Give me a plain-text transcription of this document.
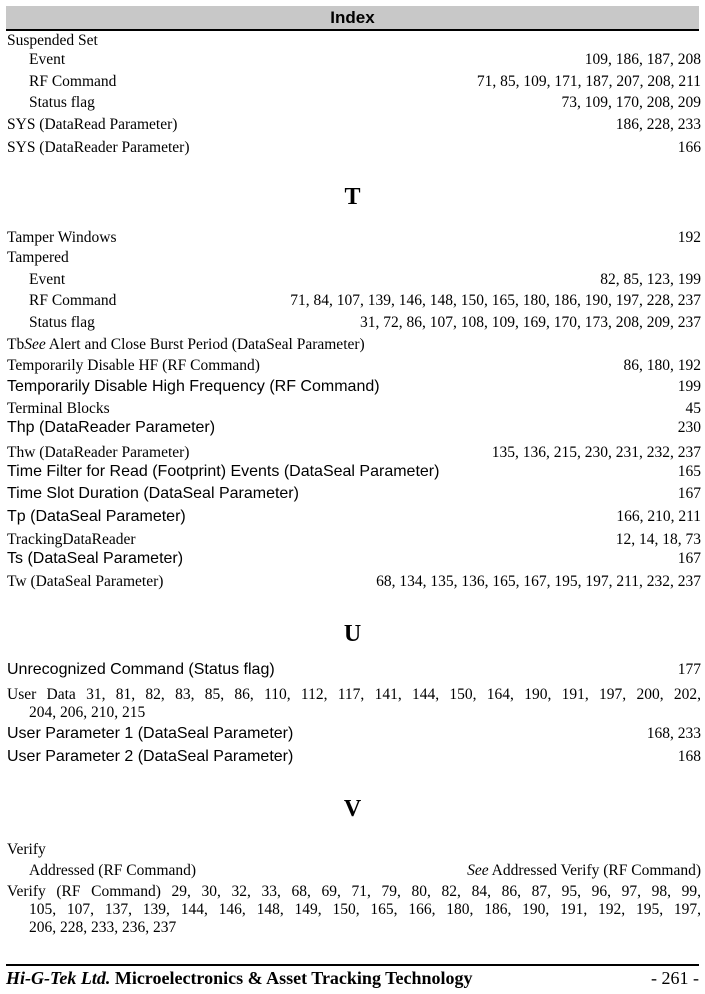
Index
Suspended Set
Event	109, 186, 187, 208
RF Command	71, 85, 109, 171, 187, 207, 208, 211
Status flag	73, 109, 170, 208, 209
SYS (DataRead Parameter)	186, 228, 233
SYS (DataReader Parameter)	166
T
Tamper Windows	192
Tampered
Event	82, 85, 123, 199
RF Command	71, 84, 107, 139, 146, 148, 150, 165, 180, 186, 190, 197, 228, 237
Status flag	31, 72, 86, 107, 108, 109, 169, 170, 173, 208, 209, 237
TbSee Alert and Close Burst Period (DataSeal Parameter)
Temporarily Disable HF (RF Command)	86, 180, 192
Temporarily Disable High Frequency (RF Command)	199
Terminal Blocks	45
Thp (DataReader Parameter)	230
Thw (DataReader Parameter)	135, 136, 215, 230, 231, 232, 237
Time Filter for Read (Footprint) Events (DataSeal Parameter)	165
Time Slot Duration (DataSeal Parameter)	167
Tp (DataSeal Parameter)	166, 210, 211
TrackingDataReader	12, 14, 18, 73
Ts (DataSeal Parameter)	167
Tw (DataSeal Parameter)	68, 134, 135, 136, 165, 167, 195, 197, 211, 232, 237
U
Unrecognized Command (Status flag)	177
User Data 31, 81, 82, 83, 85, 86, 110, 112, 117, 141, 144, 150, 164, 190, 191, 197, 200, 202,
204, 206, 210, 215
User Parameter 1 (DataSeal Parameter)	168, 233
User Parameter 2 (DataSeal Parameter)	168
V
Verify
Addressed (RF Command)	See Addressed Verify (RF Command)
Verify (RF Command) 29, 30, 32, 33, 68, 69, 71, 79, 80, 82, 84, 86, 87, 95, 96, 97, 98, 99,
105, 107, 137, 139, 144, 146, 148, 149, 150, 165, 166, 180, 186, 190, 191, 192, 195, 197,
206, 228, 233, 236, 237
Hi-G-Tek Ltd. Microelectronics & Asset Tracking Technology	- 261 -
